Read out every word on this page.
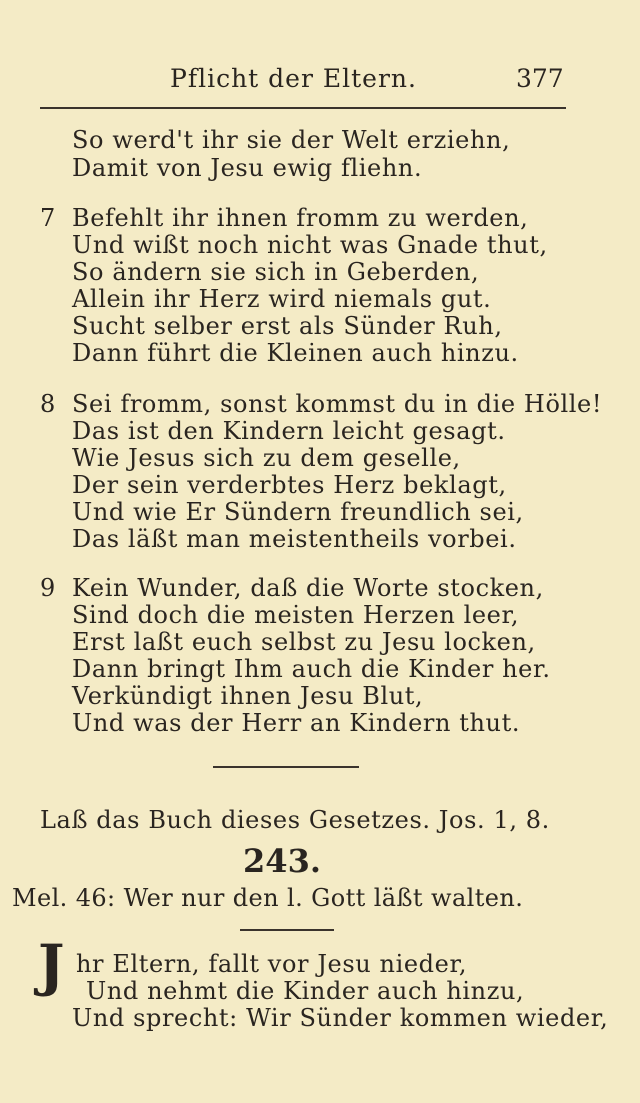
Pflicht der Eltern.	377
So werd't ihr sie der Welt erziehn,
Damit von Jesu ewig fliehn.
7 Befehlt ihr ihnen fromm zu werden,
Und wißt noch nicht was Gnade thut,
So ändern sie sich in Geberden,
Allein ihr Herz wird niemals gut.
Sucht selber erst als Sünder Ruh,
Dann führt die Kleinen auch hinzu.
8 Sei fromm, sonst kommst du in die Hölle!
Das ist den Kindern leicht gesagt.
Wie Jesus sich zu dem geselle,
Der sein verderbtes Herz beklagt,
Und wie Er Sündern freundlich sei,
Das läßt man meistentheils vorbei.
9 Kein Wunder, daß die Worte stocken,
Sind doch die meisten Herzen leer,
Erst laßt euch selbst zu Jesu locken,
Dann bringt Ihm auch die Kinder her.
Verkündigt ihnen Jesu Blut,
Und was der Herr an Kindern thut.
Laß das Buch dieses Gesetzes. Jos. 1, 8.
243.
Mel. 46: Wer nur den l. Gott läßt walten.
J hr Eltern, fallt vor Jesu nieder,
Und nehmt die Kinder auch hinzu,
Und sprecht: Wir Sünder kommen wieder,
